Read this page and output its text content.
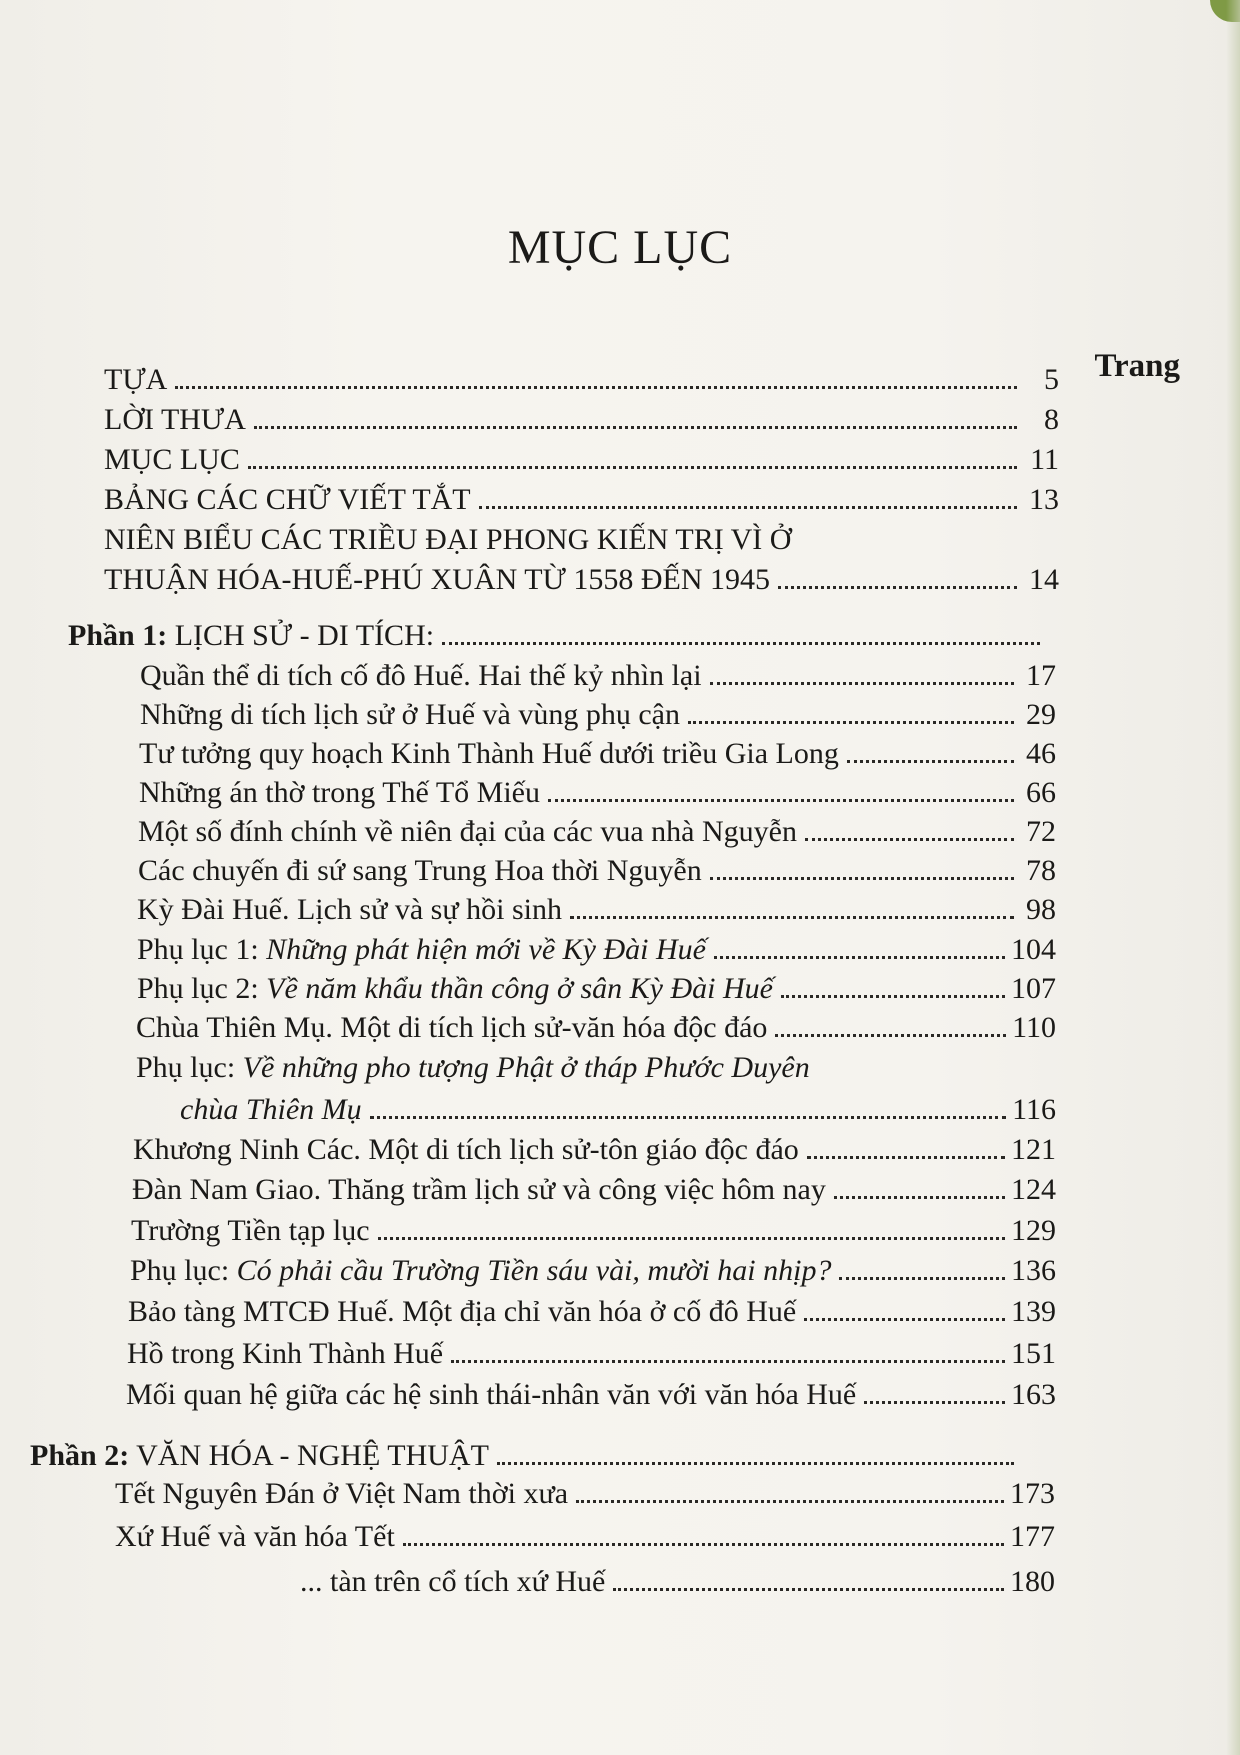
MỤC LỤC
Trang
TỰA	5
LỜI THƯA	8
MỤC LỤC	11
BẢNG CÁC CHỮ VIẾT TẮT	13
NIÊN BIỂU CÁC TRIỀU ĐẠI PHONG KIẾN TRỊ VÌ Ở
THUẬN HÓA-HUẾ-PHÚ XUÂN TỪ 1558 ĐẾN 1945	14
Phần 1: LỊCH SỬ - DI TÍCH:
Quần thể di tích cố đô Huế. Hai thế kỷ nhìn lại	17
Những di tích lịch sử ở Huế và vùng phụ cận	29
Tư tưởng quy hoạch Kinh Thành Huế dưới triều Gia Long	46
Những án thờ trong Thế Tổ Miếu	66
Một số đính chính về niên đại của các vua nhà Nguyễn	72
Các chuyến đi sứ sang Trung Hoa thời Nguyễn	78
Kỳ Đài Huế. Lịch sử và sự hồi sinh	98
Phụ lục 1: Những phát hiện mới về Kỳ Đài Huế	104
Phụ lục 2: Về năm khẩu thần công ở sân Kỳ Đài Huế	107
Chùa Thiên Mụ. Một di tích lịch sử-văn hóa độc đáo	110
Phụ lục: Về những pho tượng Phật ở tháp Phước Duyên
chùa Thiên Mụ	116
Khương Ninh Các. Một di tích lịch sử-tôn giáo độc đáo	121
Đàn Nam Giao. Thăng trầm lịch sử và công việc hôm nay	124
Trường Tiền tạp lục	129
Phụ lục: Có phải cầu Trường Tiền sáu vài, mười hai nhịp?	136
Bảo tàng MTCĐ Huế. Một địa chỉ văn hóa ở cố đô Huế	139
Hồ trong Kinh Thành Huế	151
Mối quan hệ giữa các hệ sinh thái-nhân văn với văn hóa Huế	163
Phần 2: VĂN HÓA - NGHỆ THUẬT
Tết Nguyên Đán ở Việt Nam thời xưa	173
Xứ Huế và văn hóa Tết	177
... tàn trên cổ tích xứ Huế	180
